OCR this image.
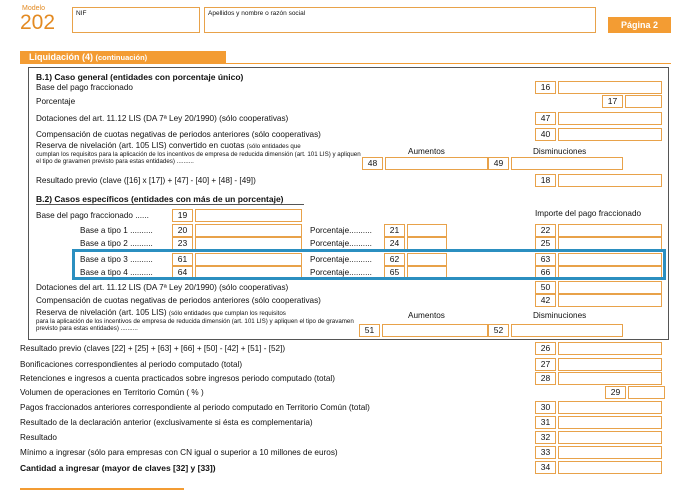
Modelo
202	NIF	Apellidos y nombre o razón social
Página 2
Liquidación (4) (continuación)
B.1) Caso general (entidades con porcentaje único)
Base del pago fraccionado	16
Porcentaje	17
Dotaciones del art. 11.12 LIS (DA 7ª Ley 20/1990) (sólo cooperativas)	47
Compensación de cuotas negativas de periodos anteriores (sólo cooperativas)	40
Reserva de nivelación (art. 105 LIS) convertido en cuotas (sólo entidades que
cumplan los requisitos para la aplicación de los incentivos de empresa de reducida dimensión (art. 101 LIS) y apliquen el tipo de gravamen previsto para estas entidades) ..........
Aumentos	Disminuciones
48	49
Resultado previo (clave ([16] x [17]) + [47] - [40] + [48] - [49])	18
B.2) Casos específicos (entidades con más de un porcentaje)
Base del pago fraccionado ......	19	Importe del pago fraccionado
Base a tipo 1 ..........	20	Porcentaje..........	21	22
Base a tipo 2 ..........	23	Porcentaje..........	24	25
Base a tipo 3 ..........	61	Porcentaje..........	62	63
Base a tipo 4 ..........	64	Porcentaje..........	65	66
Dotaciones del art. 11.12 LIS (DA 7ª Ley 20/1990) (sólo cooperativas)	50
Compensación de cuotas negativas de periodos anteriores (sólo cooperativas)	42
Reserva de nivelación (art. 105 LIS) (sólo entidades que cumplan los requisitos
para la aplicación de los incentivos de empresa de reducida dimensión (art. 101 LIS) y apliquen el tipo de gravamen previsto para estas entidades) ..........
Aumentos	Disminuciones
51	52
Resultado previo (claves [22] + [25] + [63] + [66] + [50] - [42] + [51] - [52])	26
Bonificaciones correspondientes al periodo computado (total)	27
Retenciones e ingresos a cuenta practicados sobre ingresos periodo computado (total)	28
Volumen de operaciones en Territorio Común ( % )	29
Pagos fraccionados anteriores correspondiente al periodo computado en Territorio Común (total)	30
Resultado de la declaración anterior (exclusivamente si ésta es complementaria)	31
Resultado	32
Mínimo a ingresar (sólo para empresas con CN igual o superior a 10 millones de euros)	33
Cantidad a ingresar (mayor de claves [32] y [33])	34
